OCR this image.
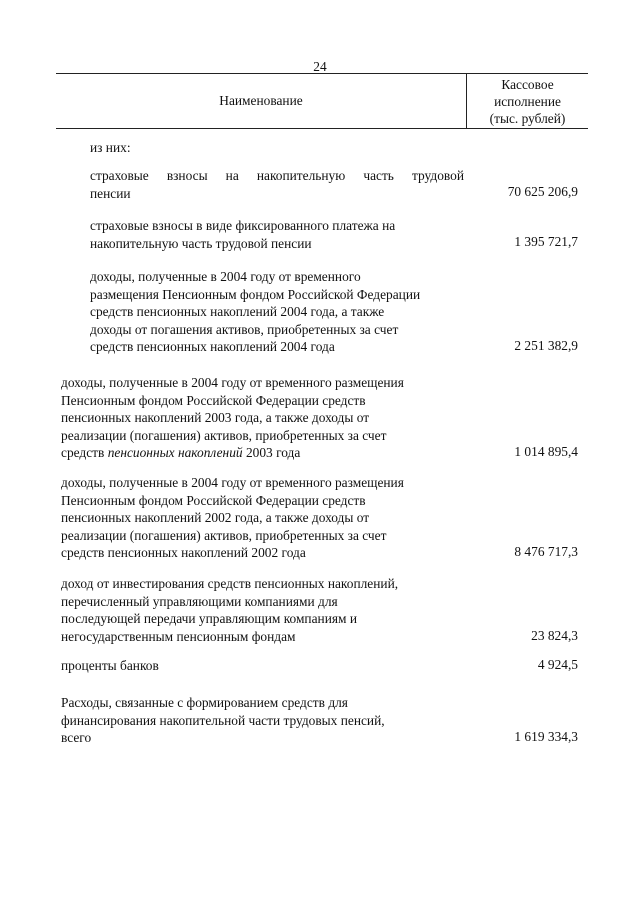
24
Наименование
Кассовое
исполнение
(тыс. рублей)
из них:
страховые взносы на накопительную часть трудовой
пенсии	70 625 206,9
страховые взносы в виде фиксированного платежа на
накопительную часть трудовой пенсии	1 395 721,7
доходы, полученные в 2004 году от временного
размещения Пенсионным фондом Российской Федерации
средств пенсионных накоплений 2004 года, а также
доходы от погашения активов, приобретенных за счет
средств пенсионных накоплений 2004 года	2 251 382,9
доходы, полученные в 2004 году от временного размещения
Пенсионным фондом Российской Федерации средств
пенсионных накоплений 2003 года, а также доходы от
реализации (погашения) активов, приобретенных за счет
средств пенсионных накоплений 2003 года	1 014 895,4
доходы, полученные в 2004 году от временного размещения
Пенсионным фондом Российской Федерации средств
пенсионных накоплений 2002 года, а также доходы от
реализации (погашения) активов, приобретенных за счет
средств пенсионных накоплений 2002 года	8 476 717,3
доход от инвестирования средств пенсионных накоплений,
перечисленный управляющими компаниями для
последующей передачи управляющим компаниям и
негосударственным пенсионным фондам	23 824,3
проценты банков	4 924,5
Расходы, связанные с формированием средств для
финансирования накопительной части трудовых пенсий,
всего	1 619 334,3
